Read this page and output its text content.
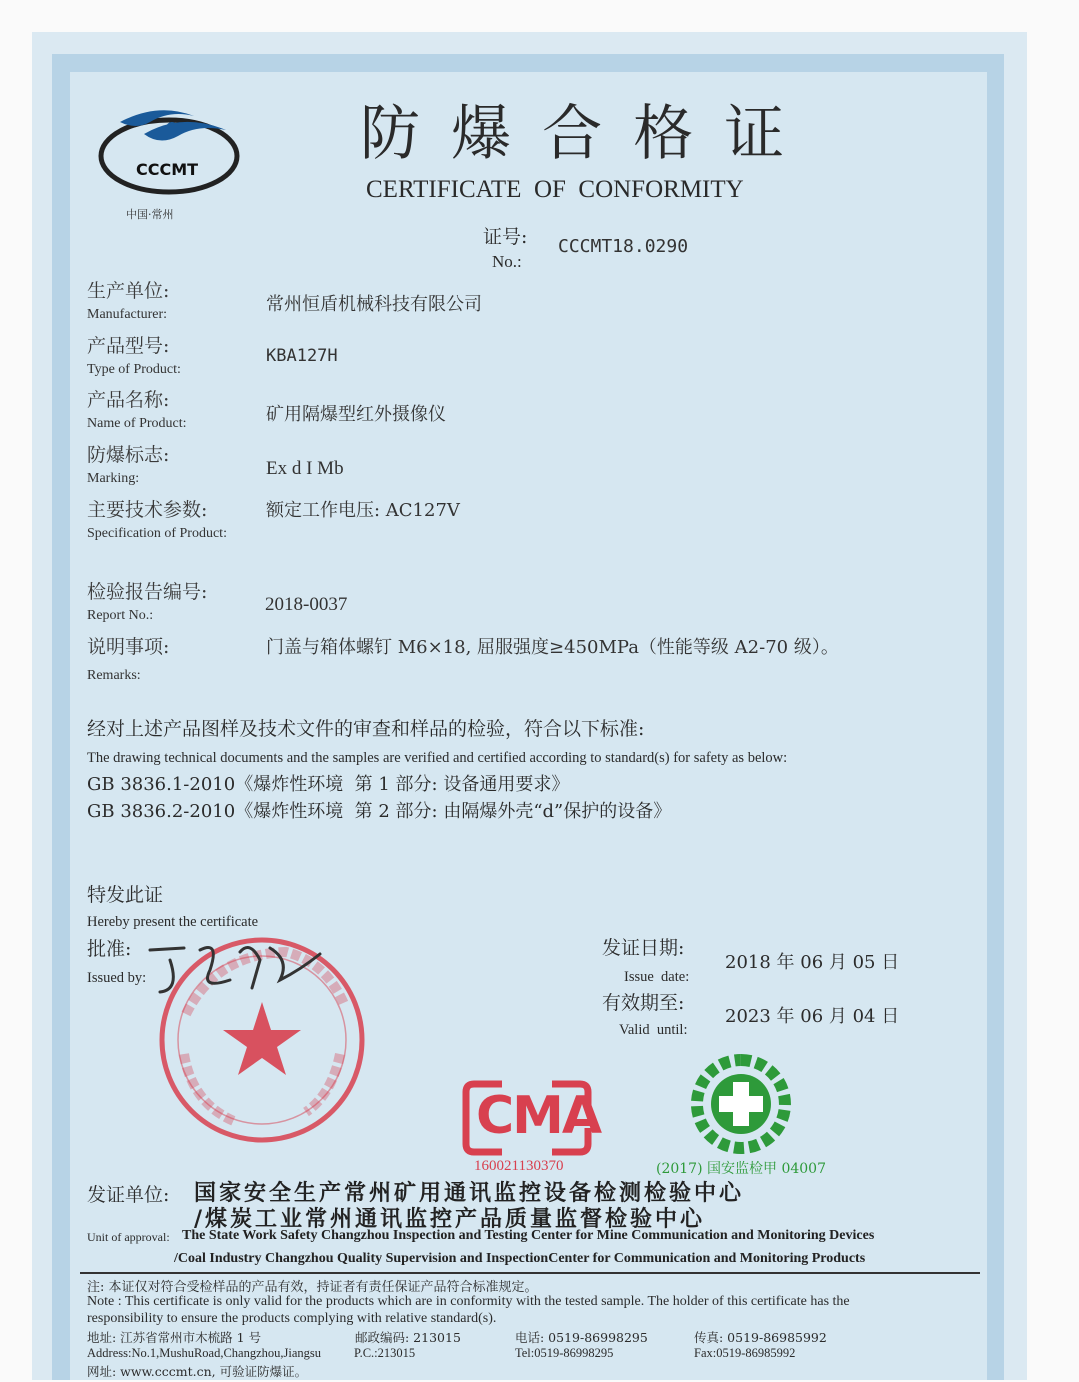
CCCMT
中国·常州
防 爆 合 格 证
CERTIFICATE  OF  CONFORMITY
证号:
No.:
CCCMT18.0290
生产单位:
Manufacturer:	常州恒盾机械科技有限公司
产品型号:
Type of Product:
KBA127H
产品名称:
Name of Product:	矿用隔爆型红外摄像仪
防爆标志:
Marking:	Ex d I Mb
主要技术参数:
Specification of Product:
额定工作电压: AC127V
检验报告编号:
Report No.:
2018-0037
说明事项:
Remarks:
门盖与箱体螺钉 M6×18, 屈服强度≥450MPa（性能等级 A2-70 级）。
经对上述产品图样及技术文件的审查和样品的检验，符合以下标准:
The drawing technical documents and the samples are verified and certified according to standard(s) for safety as below:
GB 3836.1-2010《爆炸性环境  第 1 部分: 设备通用要求》
GB 3836.2-2010《爆炸性环境  第 2 部分: 由隔爆外壳“d”保护的设备》
特发此证
Hereby present the certificate
批准:
Issued by:
发证日期:
Issue  date:
2018 年 06 月 05 日
有效期至:
Valid  until:
2023 年 06 月 04 日
CMA
160021130370	(2017) 国安监检甲 04007
发证单位: 国家安全生产常州矿用通讯监控设备检测检验中心
/煤炭工业常州通讯监控产品质量监督检验中心
Unit of approval: The State Work Safety Changzhou Inspection and Testing Center for Mine Communication and Monitoring Devices
/Coal Industry Changzhou Quality Supervision and InspectionCenter for Communication and Monitoring Products
注: 本证仅对符合受检样品的产品有效，持证者有责任保证产品符合标准规定。
Note : This certificate is only valid for the products which are in conformity with the tested sample. The holder of this certificate has the
responsibility to ensure the products complying with relative standard(s).
地址: 江苏省常州市木梳路 1 号	邮政编码: 213015	电话: 0519-86998295	传真: 0519-86985992
Address:No.1,MushuRoad,Changzhou,Jiangsu	P.C.:213015	Tel:0519-86998295	Fax:0519-86985992
网址: www.cccmt.cn, 可验证防爆证。
